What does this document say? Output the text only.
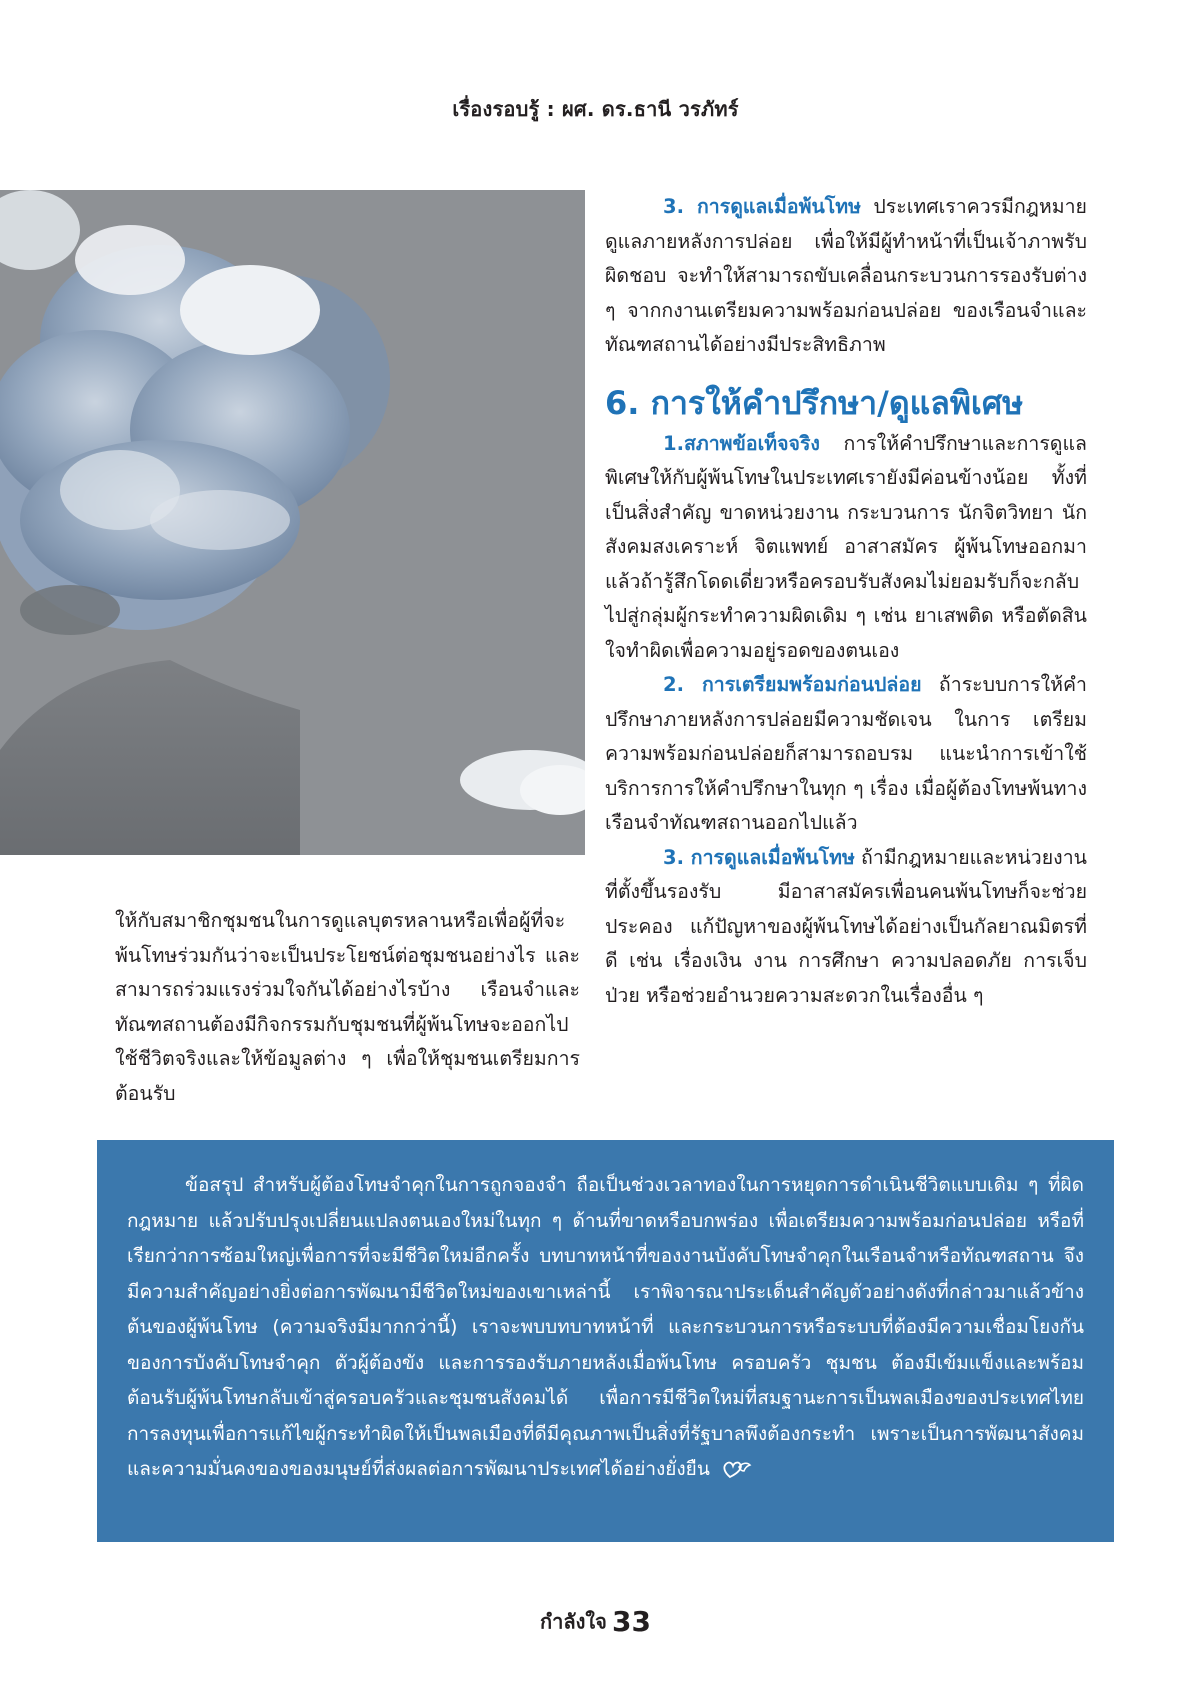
เรื่องรอบรู้ : ผศ. ดร.ธานี วรภัทร์

3. การดูแลเมื่อพ้นโทษ ประเทศเราควรมีกฎหมายดูแลภายหลังการปล่อย เพื่อให้มีผู้ทำหน้าที่เป็นเจ้าภาพรับผิดชอบ จะทำให้สามารถขับเคลื่อนกระบวนการรองรับต่าง ๆ จากกงานเตรียมความพร้อมก่อนปล่อย ของเรือนจำและทัณฑสถานได้อย่างมีประสิทธิภาพ

6. การให้คำปรึกษา/ดูแลพิเศษ

1.สภาพข้อเท็จจริง การให้คำปรึกษาและการดูแลพิเศษให้กับผู้พ้นโทษในประเทศเรายังมีค่อนข้างน้อย ทั้งที่เป็นสิ่งสำคัญ ขาดหน่วยงาน กระบวนการ นักจิตวิทยา นักสังคมสงเคราะห์ จิตแพทย์ อาสาสมัคร ผู้พ้นโทษออกมาแล้วถ้ารู้สึกโดดเดี่ยวหรือครอบรับสังคมไม่ยอมรับก็จะกลับไปสู่กลุ่มผู้กระทำความผิดเดิม ๆ เช่น ยาเสพติด หรือตัดสินใจทำผิดเพื่อความอยู่รอดของตนเอง

2. การเตรียมพร้อมก่อนปล่อย ถ้าระบบการให้คำปรึกษาภายหลังการปล่อยมีความชัดเจน ในการ เตรียมความพร้อมก่อนปล่อยก็สามารถอบรม แนะนำการเข้าใช้บริการการให้คำปรึกษาในทุก ๆ เรื่อง เมื่อผู้ต้องโทษพ้นทางเรือนจำทัณฑสถานออกไปแล้ว

3. การดูแลเมื่อพ้นโทษ ถ้ามีกฎหมายและหน่วยงานที่ตั้งขึ้นรองรับ มีอาสาสมัครเพื่อนคนพ้นโทษก็จะช่วยประคอง แก้ปัญหาของผู้พ้นโทษได้อย่างเป็นกัลยาณมิตรที่ดี เช่น เรื่องเงิน งาน การศึกษา ความปลอดภัย การเจ็บป่วย หรือช่วยอำนวยความสะดวกในเรื่องอื่น ๆ

ให้กับสมาชิกชุมชนในการดูแลบุตรหลานหรือเพื่อผู้ที่จะพ้นโทษร่วมกันว่าจะเป็นประโยชน์ต่อชุมชนอย่างไร และสามารถร่วมแรงร่วมใจกันได้อย่างไรบ้าง เรือนจำและทัณฑสถานต้องมีกิจกรรมกับชุมชนที่ผู้พ้นโทษจะออกไปใช้ชีวิตจริงและให้ข้อมูลต่าง ๆ เพื่อให้ชุมชนเตรียมการต้อนรับ

ข้อสรุป สำหรับผู้ต้องโทษจำคุกในการถูกจองจำ ถือเป็นช่วงเวลาทองในการหยุดการดำเนินชีวิตแบบเดิม ๆ ที่ผิดกฎหมาย แล้วปรับปรุงเปลี่ยนแปลงตนเองใหม่ในทุก ๆ ด้านที่ขาดหรือบกพร่อง เพื่อเตรียมความพร้อมก่อนปล่อย หรือที่เรียกว่าการซ้อมใหญ่เพื่อการที่จะมีชีวิตใหม่อีกครั้ง บทบาทหน้าที่ของงานบังคับโทษจำคุกในเรือนจำหรือทัณฑสถาน จึงมีความสำคัญอย่างยิ่งต่อการพัฒนามีชีวิตใหม่ของเขาเหล่านี้ เราพิจารณาประเด็นสำคัญตัวอย่างดังที่กล่าวมาแล้วข้างต้นของผู้พ้นโทษ (ความจริงมีมากกว่านี้) เราจะพบบทบาทหน้าที่ และกระบวนการหรือระบบที่ต้องมีความเชื่อมโยงกันของการบังคับโทษจำคุก ตัวผู้ต้องขัง และการรองรับภายหลังเมื่อพ้นโทษ ครอบครัว ชุมชน ต้องมีเข้มแข็งและพร้อมต้อนรับผู้พ้นโทษกลับเข้าสู่ครอบครัวและชุมชนสังคมได้ เพื่อการมีชีวิตใหม่ที่สมฐานะการเป็นพลเมืองของประเทศไทย การลงทุนเพื่อการแก้ไขผู้กระทำผิดให้เป็นพลเมืองที่ดีมีคุณภาพเป็นสิ่งที่รัฐบาลพึงต้องกระทำ เพราะเป็นการพัฒนาสังคมและความมั่นคงของของมนุษย์ที่ส่งผลต่อการพัฒนาประเทศได้อย่างยั่งยืน

กำลังใจ 33
